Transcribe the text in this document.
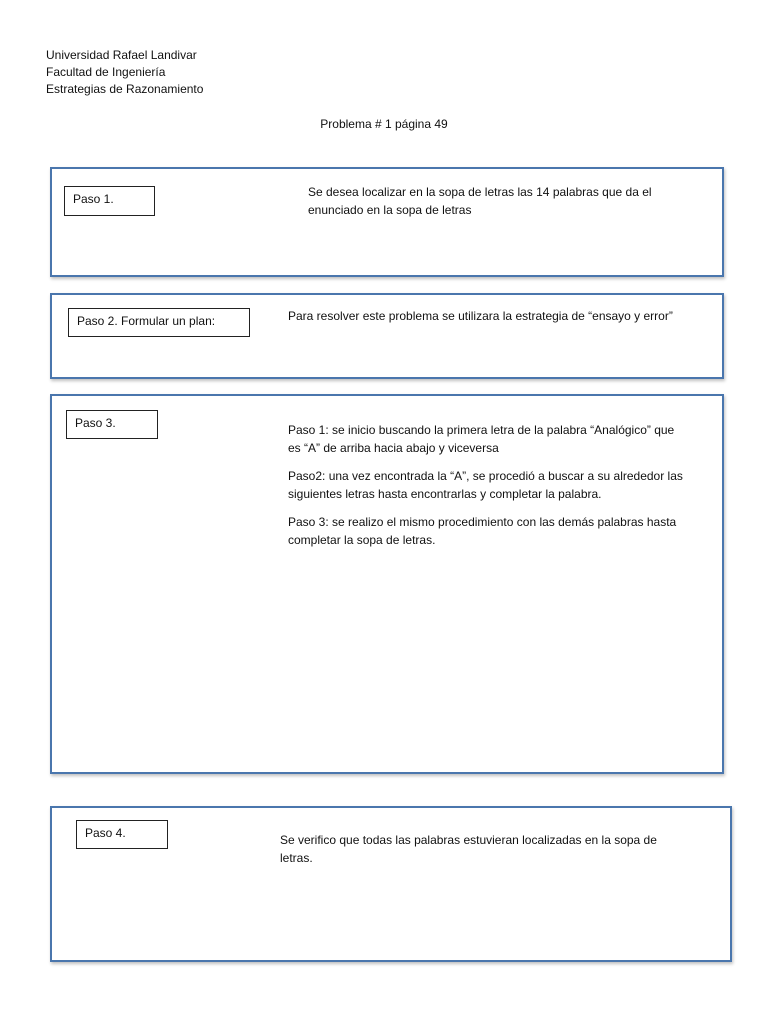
Universidad Rafael Landivar
Facultad de Ingeniería
Estrategias de Razonamiento
Problema # 1 página 49
Paso 1.	Se desea localizar en la sopa de letras las 14 palabras que da el enunciado en la sopa de letras
Paso 2. Formular un plan:	Para resolver este problema se utilizara la estrategia de “ensayo y error”
Paso 3.	Paso 1: se inicio buscando la primera letra de la palabra “Analógico” que es “A” de arriba hacia abajo y viceversa

Paso2: una vez encontrada la “A”, se procedió a buscar a su alrededor las siguientes letras hasta encontrarlas y completar la palabra.

Paso 3: se realizo el mismo procedimiento con las demás palabras hasta completar la sopa de letras.

Paso 4.	Se verifico que todas las palabras estuvieran localizadas en la sopa de letras.
